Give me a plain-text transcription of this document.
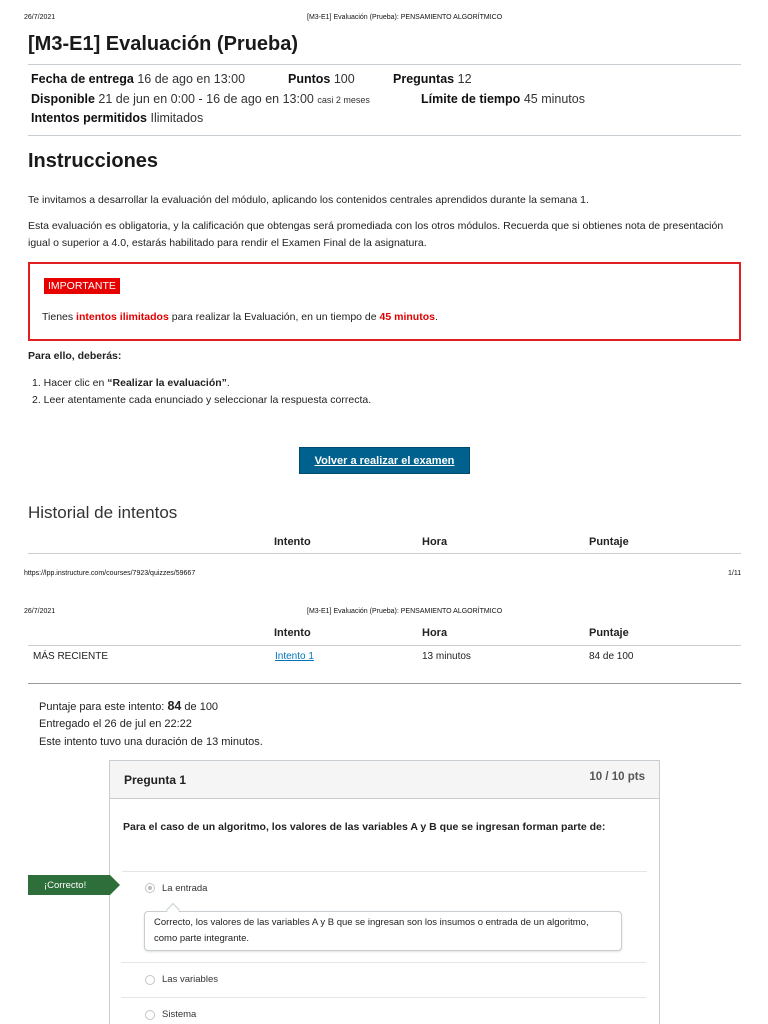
26/7/2021	[M3-E1] Evaluación (Prueba): PENSAMIENTO ALGORÍTMICO
[M3-E1] Evaluación (Prueba)
Fecha de entrega 16 de ago en 13:00	Puntos 100	Preguntas 12
Disponible 21 de jun en 0:00 - 16 de ago en 13:00 casi 2 meses	Límite de tiempo 45 minutos
Intentos permitidos Ilimitados
Instrucciones
Te invitamos a desarrollar la evaluación del módulo, aplicando los contenidos centrales aprendidos durante la semana 1.
Esta evaluación es obligatoria, y la calificación que obtengas será promediada con los otros módulos. Recuerda que si obtienes nota de presentación igual o superior a 4.0, estarás habilitado para rendir el Examen Final de la asignatura.
IMPORTANTE
Tienes intentos ilimitados para realizar la Evaluación, en un tiempo de 45 minutos.
Para ello, deberás:
1. Hacer clic en “Realizar la evaluación”.
2. Leer atentamente cada enunciado y seleccionar la respuesta correcta.
Volver a realizar el examen
Historial de intentos
Intento	Hora	Puntaje
https://lpp.instructure.com/courses/7923/quizzes/59667	1/11
26/7/2021	[M3-E1] Evaluación (Prueba): PENSAMIENTO ALGORÍTMICO
Intento	Hora	Puntaje
MÁS RECIENTE	Intento 1	13 minutos	84 de 100
Puntaje para este intento: 84 de 100
Entregado el 26 de jul en 22:22
Este intento tuvo una duración de 13 minutos.
Pregunta 1	10 / 10 pts
Para el caso de un algoritmo, los valores de las variables A y B que se ingresan forman parte de:
¡Correcto!	La entrada
Correcto, los valores de las variables A y B que se ingresan son los insumos o entrada de un algoritmo, como parte integrante.
Las variables
Sistema
